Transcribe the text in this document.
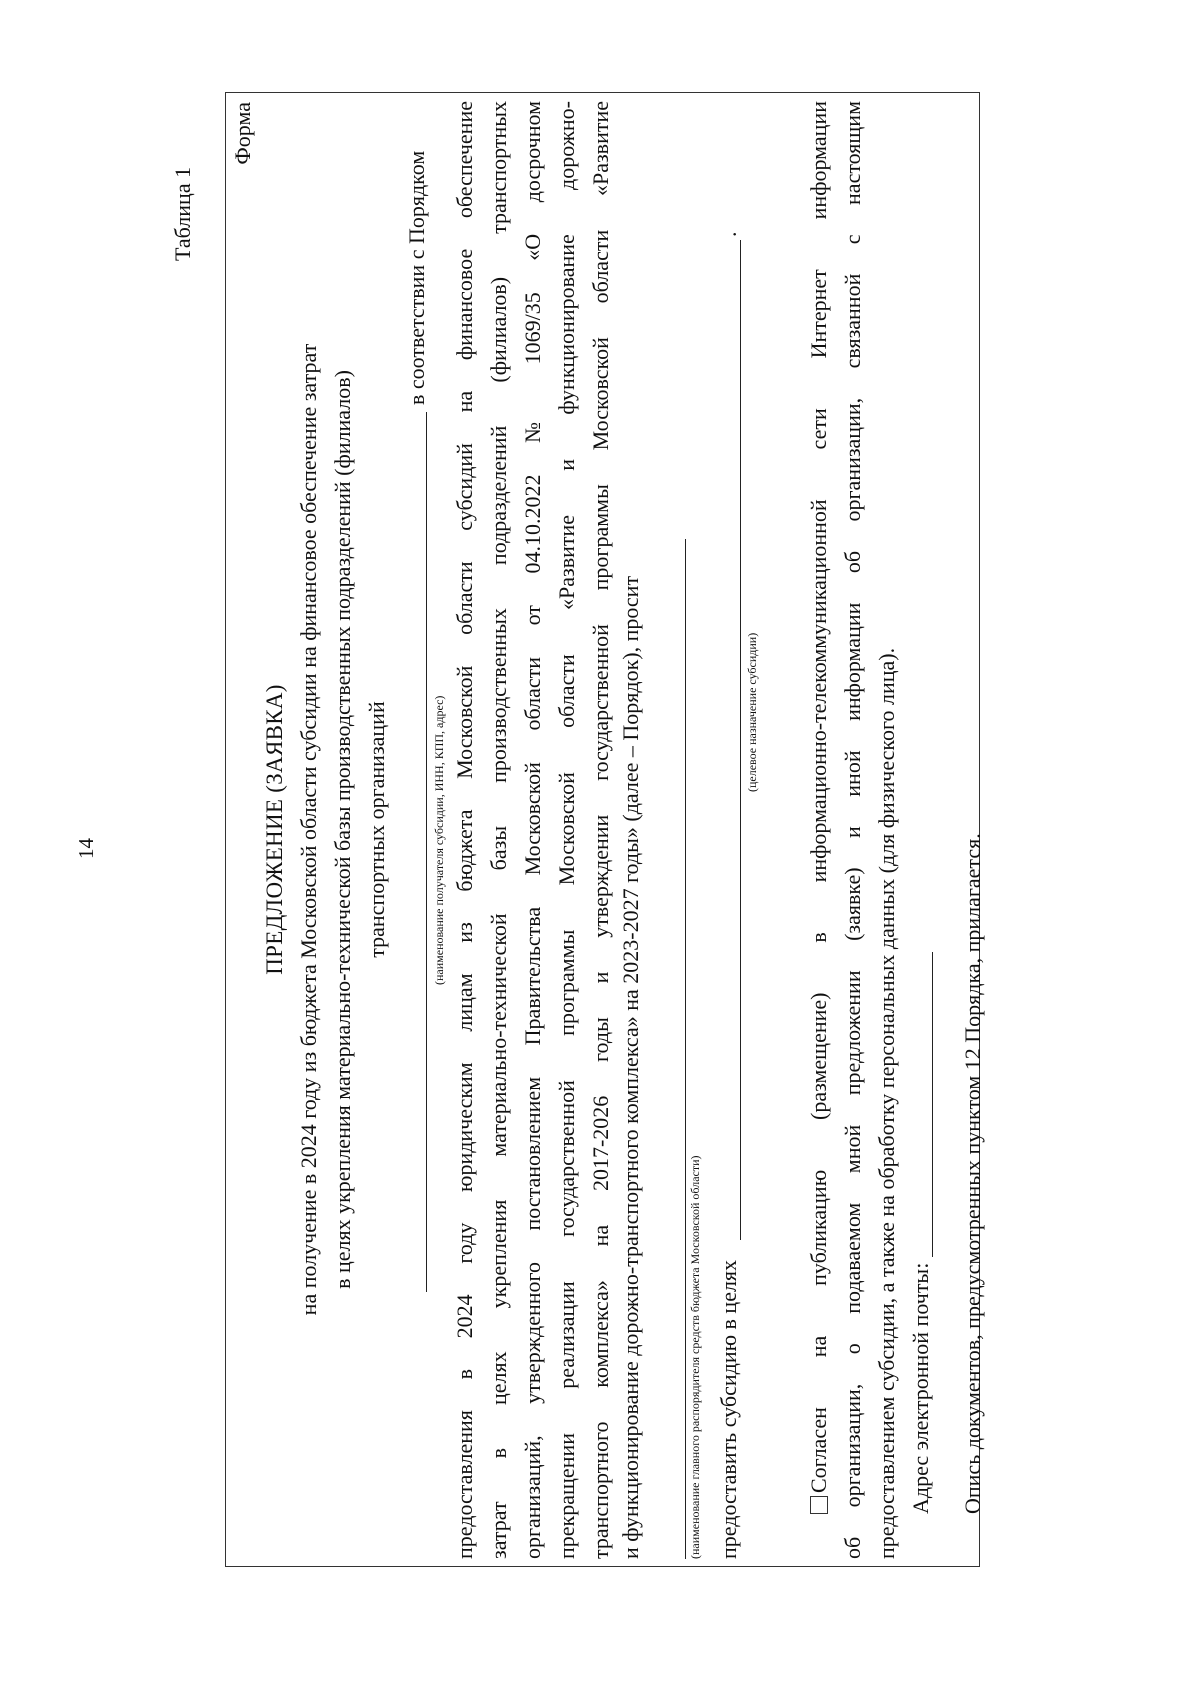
14
Таблица 1
Форма
ПРЕДЛОЖЕНИЕ (ЗАЯВКА) на получение в 2024 году из бюджета Московской области субсидии на финансовое обеспечение затрат в целях укрепления материально-технической базы производственных подразделений (филиалов) транспортных организаций
в соответствии с Порядком
(наименование получателя субсидии, ИНН, КПП, адрес) предоставления в 2024 году юридическим лицам из бюджета Московской области субсидий на финансовое обеспечение затрат в целях укрепления материально-технической базы производственных подразделений (филиалов) транспортных организаций, утвержденного постановлением Правительства Московской области от 04.10.2022 № 1069/35 «О досрочном прекращении реализации государственной программы Московской области «Развитие и функционирование дорожно- транспортного комплекса» на 2017-2026 годы и утверждении государственной программы Московской области «Развитие и функционирование дорожно-транспортного комплекса» на 2023-2027 годы» (далее – Порядок), просит	(наименование главного распорядителя средств бюджета Московской области) предоставить субсидию в целях
.
(целевое назначение субсидии) Согласен на публикацию (размещение) в информационно-телекоммуникационной сети Интернет информации об организации, о подаваемом мной предложении (заявке) и иной информации об организации, связанной с настоящим предоставлением субсидии, а также на обработку персональных данных (для физического лица). Адрес электронной почты: Опись документов, предусмотренных пунктом 12 Порядка, прилагается.
